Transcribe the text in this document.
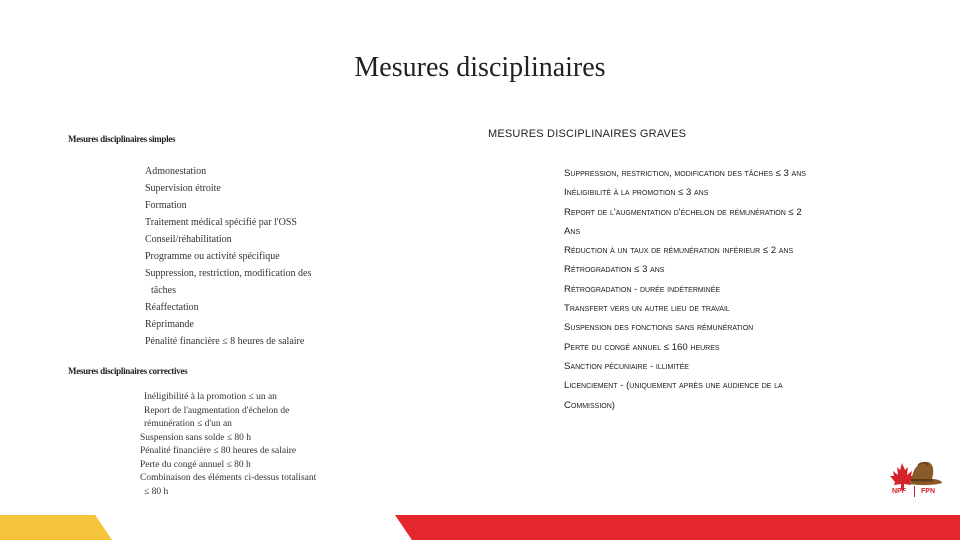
Mesures disciplinaires
Mesures disciplinaires simples
Admonestation
Supervision étroite
Formation
Traitement médical spécifié par l'OSS
Conseil/réhabilitation
Programme ou activité spécifique
Suppression, restriction, modification des
tâches
Réaffectation
Réprimande
Pénalité financière ≤ 8 heures de salaire
Mesures disciplinaires correctives
Inéligibilité à la promotion ≤ un an
Report de l'augmentation d'échelon de
rémunération ≤ d'un an
Suspension sans solde ≤ 80 h
Pénalité financière ≤ 80 heures de salaire
Perte du congé annuel ≤ 80 h
Combinaison des éléments ci-dessus totalisant
≤ 80 h
MESURES DISCIPLINAIRES GRAVES
Suppression, restriction, modification des tâches ≤ 3 ans
Inéligibilité à la promotion ≤ 3 ans
Report de l'augmentation d'échelon de rémunération ≤ 2
Ans
Réduction à un taux de rémunération inférieur ≤ 2 ans
Rétrogradation ≤ 3 ans
Rétrogradation - durée indéterminée
Transfert vers un autre lieu de travail
Suspension des fonctions sans rémunération
Perte du congé annuel ≤ 160 heures
Sanction pécuniaire - illimitée
Licenciement - (uniquement après une audience de la
Commission)
NPF FPN
